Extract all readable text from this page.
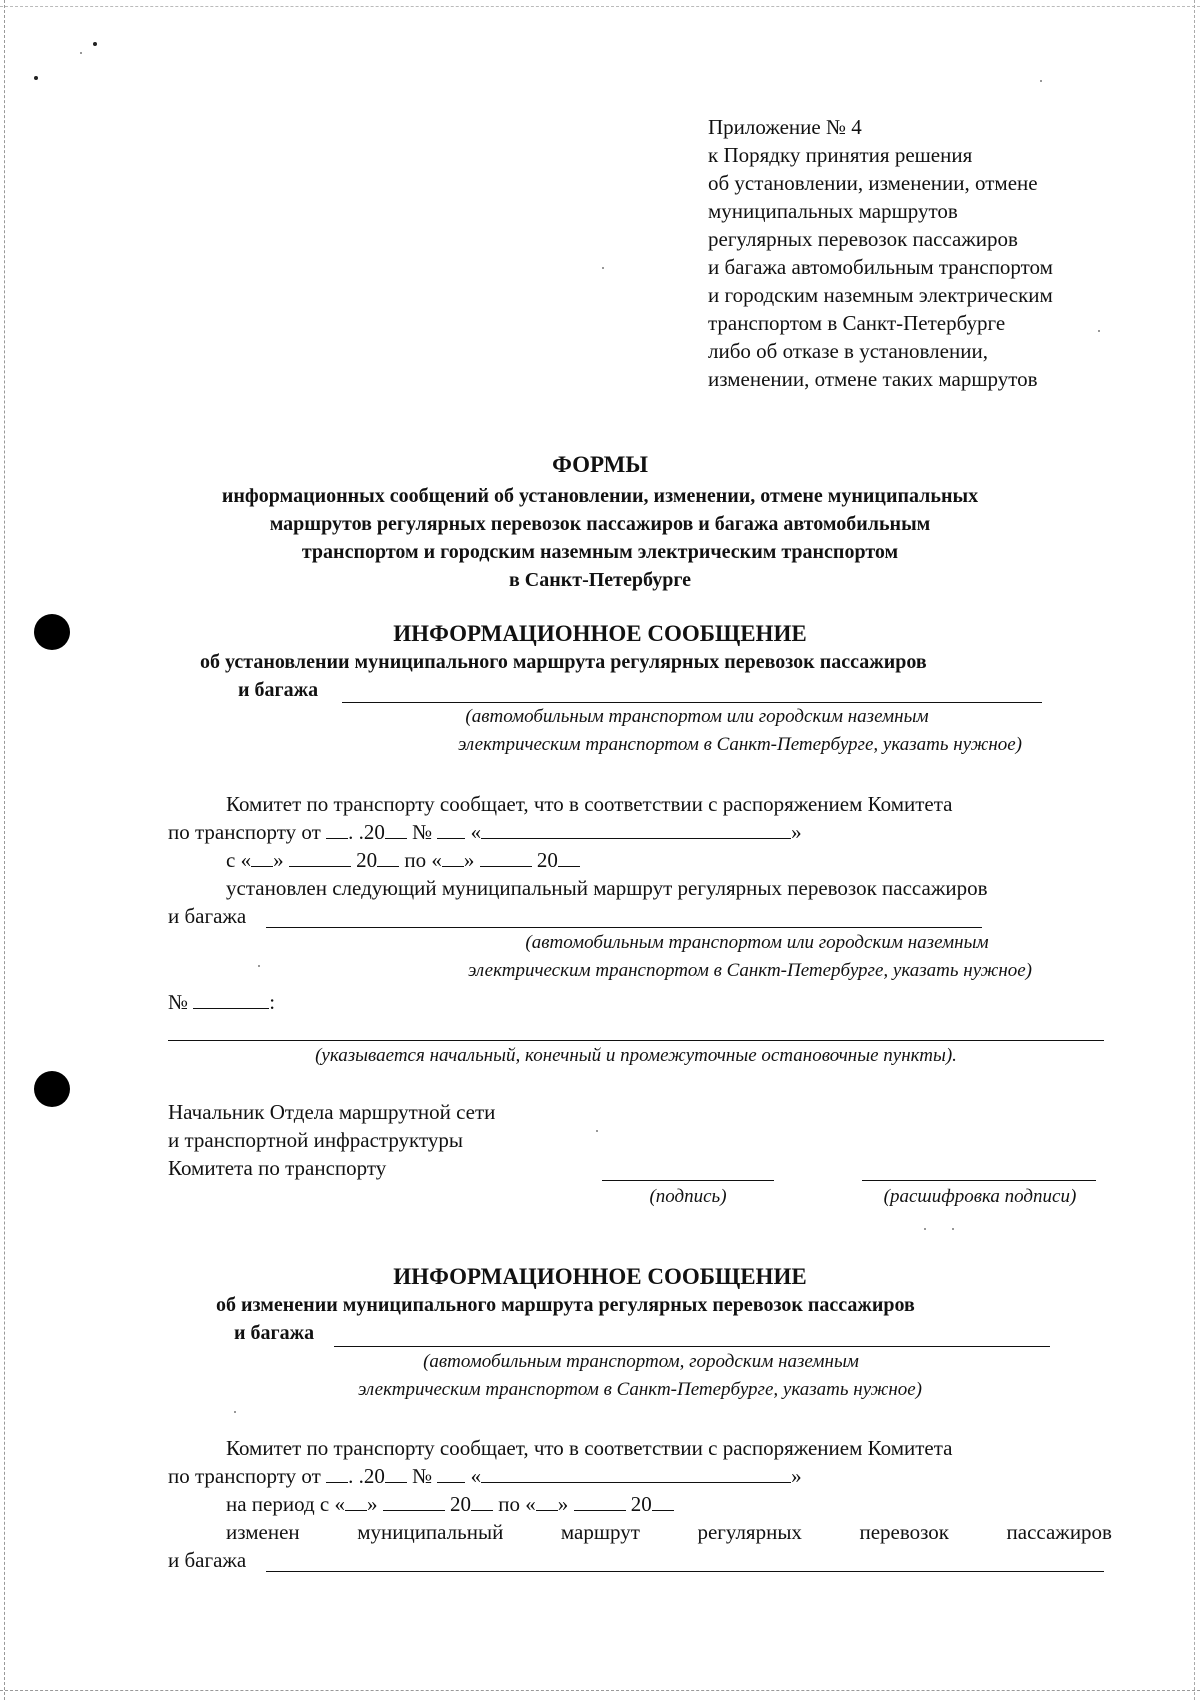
Приложение № 4
к Порядку принятия решения
об установлении, изменении, отмене
муниципальных маршрутов
регулярных перевозок пассажиров
и багажа автомобильным транспортом
и городским наземным электрическим
транспортом в Санкт-Петербурге
либо об отказе в установлении,
изменении, отмене таких маршрутов
ФОРМЫ
информационных сообщений об установлении, изменении, отмене муниципальных
маршрутов регулярных перевозок пассажиров и багажа автомобильным
транспортом и городским наземным электрическим транспортом
в Санкт-Петербурге
ИНФОРМАЦИОННОЕ СООБЩЕНИЕ
об установлении муниципального маршрута регулярных перевозок пассажиров
и багажа
(автомобильным транспортом или городским наземным
электрическим транспортом в Санкт-Петербурге, указать нужное)
Комитет по транспорту сообщает, что в соответствии с распоряжением Комитета
по транспорту от . .20 № «	»
с « »	20 по « »	20
установлен следующий муниципальный маршрут регулярных перевозок пассажиров
и багажа
(автомобильным транспортом или городским наземным
электрическим транспортом в Санкт-Петербурге, указать нужное)
№	:
(указывается начальный, конечный и промежуточные остановочные пункты).
Начальник Отдела маршрутной сети
и транспортной инфраструктуры
Комитета по транспорту
(подпись)	(расшифровка подписи)
ИНФОРМАЦИОННОЕ СООБЩЕНИЕ
об изменении муниципального маршрута регулярных перевозок пассажиров
и багажа
(автомобильным транспортом, городским наземным
электрическим транспортом в Санкт-Петербурге, указать нужное)
Комитет по транспорту сообщает, что в соответствии с распоряжением Комитета
по транспорту от . .20 № «	»
на период с « »	20 по « »	20
изменен	муниципальный	маршрут	регулярных	перевозок	пассажиров
и багажа
